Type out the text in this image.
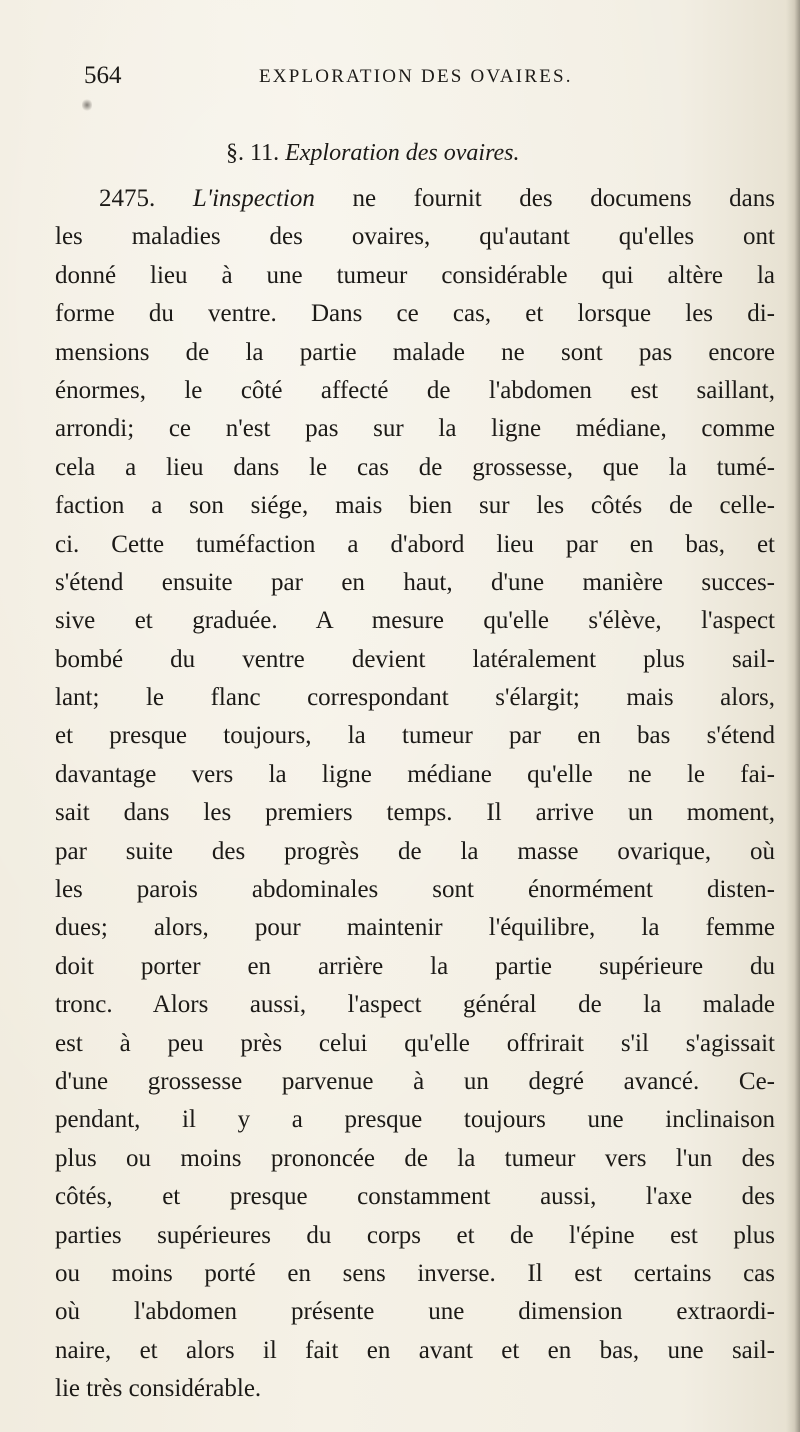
564	EXPLORATION DES OVAIRES.
§. 11. Exploration des ovaires.
2475. L'inspection ne fournit des documens dans
les maladies des ovaires, qu'autant qu'elles ont
donné lieu à une tumeur considérable qui altère la
forme du ventre. Dans ce cas, et lorsque les di-
mensions de la partie malade ne sont pas encore
énormes, le côté affecté de l'abdomen est saillant,
arrondi; ce n'est pas sur la ligne médiane, comme
cela a lieu dans le cas de grossesse, que la tumé-
faction a son siége, mais bien sur les côtés de celle-
ci. Cette tuméfaction a d'abord lieu par en bas, et
s'étend ensuite par en haut, d'une manière succes-
sive et graduée. A mesure qu'elle s'élève, l'aspect
bombé du ventre devient latéralement plus sail-
lant; le flanc correspondant s'élargit; mais alors,
et presque toujours, la tumeur par en bas s'étend
davantage vers la ligne médiane qu'elle ne le fai-
sait dans les premiers temps. Il arrive un moment,
par suite des progrès de la masse ovarique, où
les parois abdominales sont énormément disten-
dues; alors, pour maintenir l'équilibre, la femme
doit porter en arrière la partie supérieure du
tronc. Alors aussi, l'aspect général de la malade
est à peu près celui qu'elle offrirait s'il s'agissait
d'une grossesse parvenue à un degré avancé. Ce-
pendant, il y a presque toujours une inclinaison
plus ou moins prononcée de la tumeur vers l'un des
côtés, et presque constamment aussi, l'axe des
parties supérieures du corps et de l'épine est plus
ou moins porté en sens inverse. Il est certains cas
où l'abdomen présente une dimension extraordi-
naire, et alors il fait en avant et en bas, une sail-
lie très considérable.
